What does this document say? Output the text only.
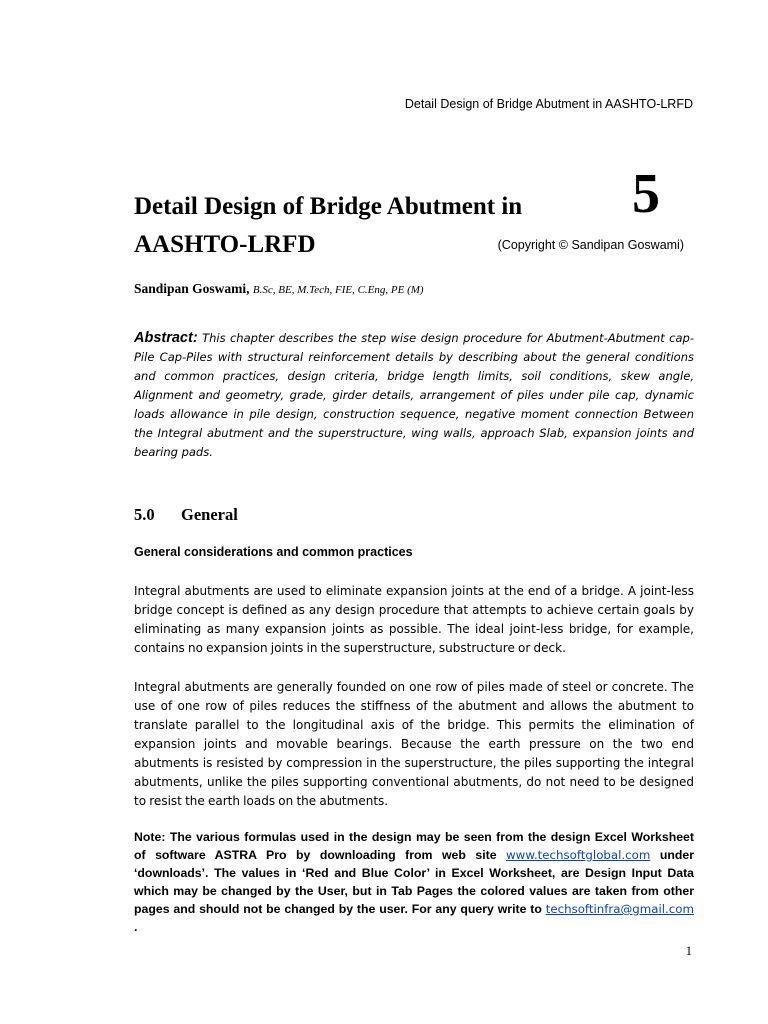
Detail Design of Bridge Abutment in AASHTO-LRFD
Detail Design of Bridge Abutment in AASHTO-LRFD
5
(Copyright © Sandipan Goswami)
Sandipan Goswami, B.Sc, BE, M.Tech, FIE, C.Eng, PE (M)

Abstract: This chapter describes the step wise design procedure for Abutment-Abutment cap-Pile Cap-Piles with structural reinforcement details by describing about the general conditions and common practices, design criteria, bridge length limits, soil conditions, skew angle, Alignment and geometry, grade, girder details, arrangement of piles under pile cap, dynamic loads allowance in pile design, construction sequence, negative moment connection Between the Integral abutment and the superstructure, wing walls, approach Slab, expansion joints and bearing pads.

5.0 General
General considerations and common practices

Integral abutments are used to eliminate expansion joints at the end of a bridge. A joint-less bridge concept is defined as any design procedure that attempts to achieve certain goals by eliminating as many expansion joints as possible. The ideal joint-less bridge, for example, contains no expansion joints in the superstructure, substructure or deck.

Integral abutments are generally founded on one row of piles made of steel or concrete. The use of one row of piles reduces the stiffness of the abutment and allows the abutment to translate parallel to the longitudinal axis of the bridge. This permits the elimination of expansion joints and movable bearings. Because the earth pressure on the two end abutments is resisted by compression in the superstructure, the piles supporting the integral abutments, unlike the piles supporting conventional abutments, do not need to be designed to resist the earth loads on the abutments.

Note: The various formulas used in the design may be seen from the design Excel Worksheet of software ASTRA Pro by downloading from web site www.techsoftglobal.com under ‘downloads’. The values in ‘Red and Blue Color’ in Excel Worksheet, are Design Input Data which may be changed by the User, but in Tab Pages the colored values are taken from other pages and should not be changed by the user. For any query write to techsoftinfra@gmail.com .

1
